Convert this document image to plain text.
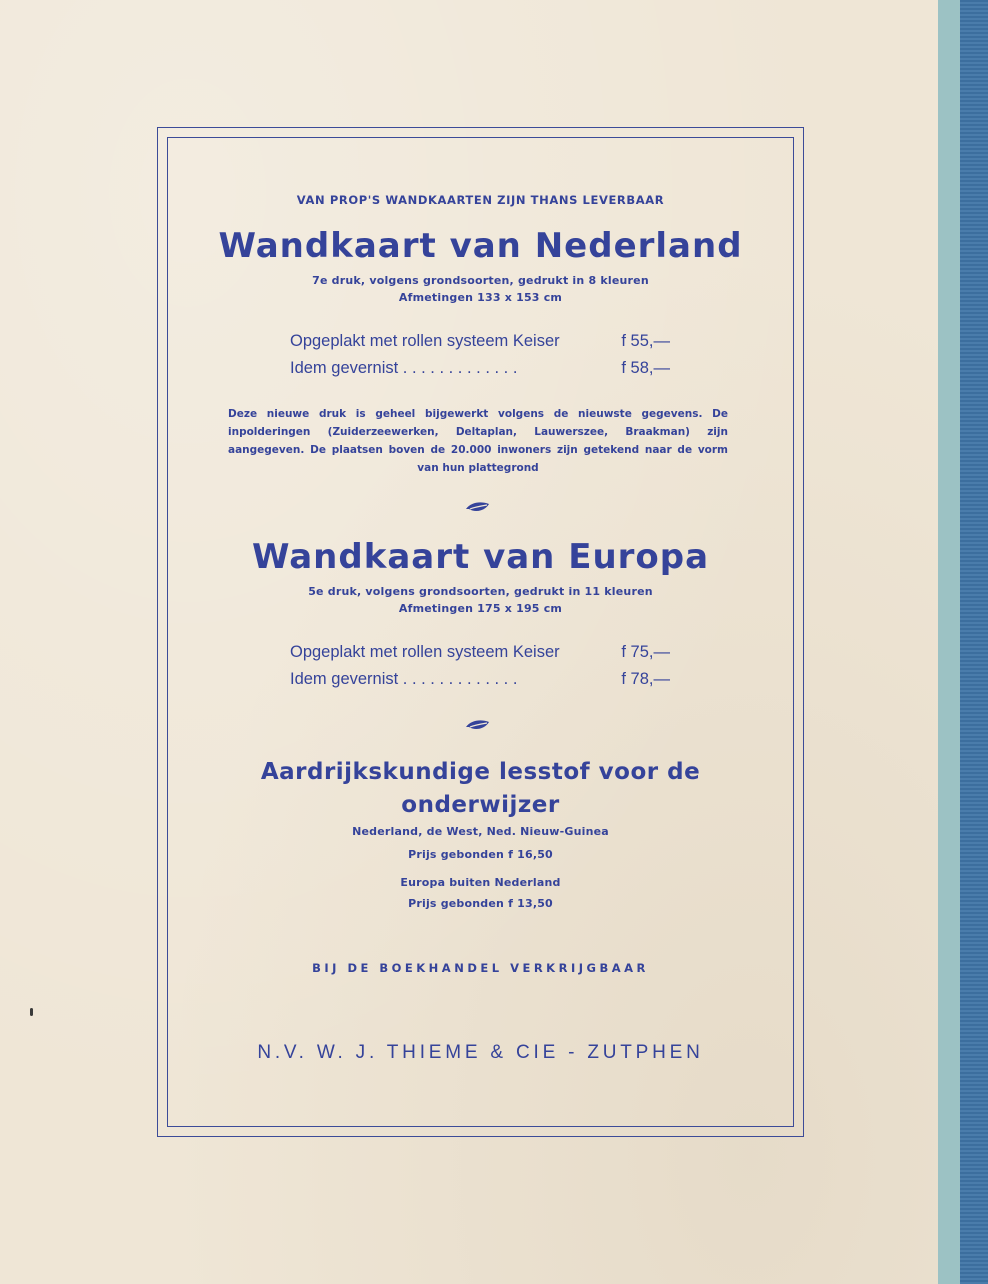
VAN PROP'S WANDKAARTEN ZIJN THANS LEVERBAAR

Wandkaart van Nederland

7e druk, volgens grondsoorten, gedrukt in 8 kleuren

Afmetingen 133 x 153 cm

Opgeplakt met rollen systeem Keiser	f 55,—
Idem gevernist . . . . . . . . . . . . .	f 58,—

Deze nieuwe druk is geheel bijgewerkt volgens de nieuwste gegevens. De inpolderingen (Zuiderzeewerken, Deltaplan, Lauwerszee, Braakman) zijn aangegeven. De plaatsen boven de 20.000 inwoners zijn getekend naar de vorm van hun plattegrond

Wandkaart van Europa

5e druk, volgens grondsoorten, gedrukt in 11 kleuren

Afmetingen 175 x 195 cm

Opgeplakt met rollen systeem Keiser	f 75,—
Idem gevernist . . . . . . . . . . . . .	f 78,—

Aardrijkskundige lesstof voor de

onderwijzer

Nederland, de West, Ned. Nieuw-Guinea

Prijs gebonden f 16,50

Europa buiten Nederland

Prijs gebonden f 13,50

BIJ DE BOEKHANDEL VERKRIJGBAAR

N.V. W. J. THIEME & CIE - ZUTPHEN
